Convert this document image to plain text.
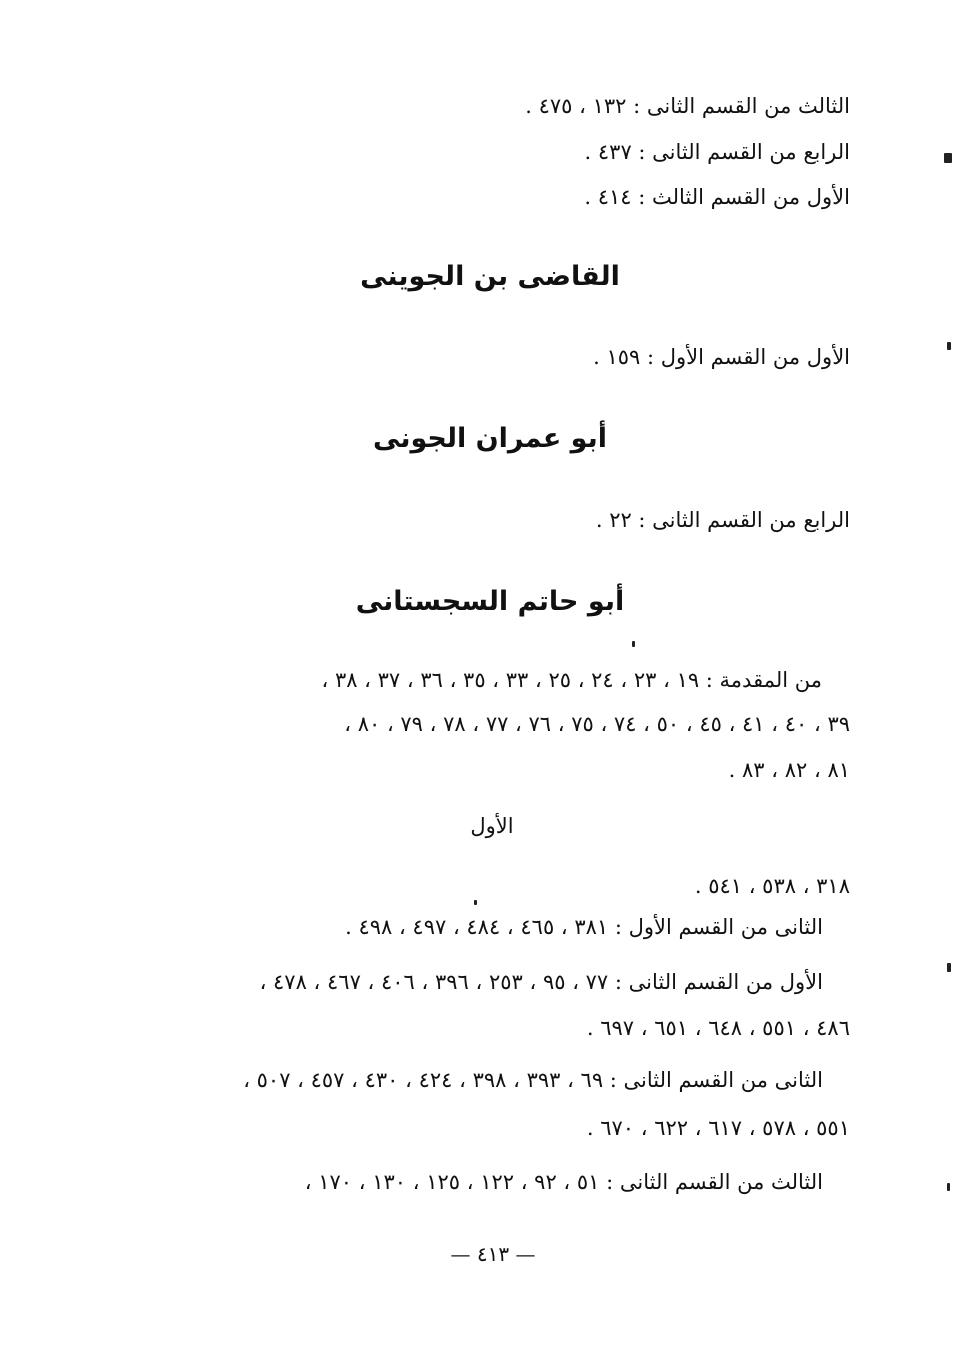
الثالث من القسم الثانى : ١٣٢ ، ٤٧٥ .
الرابع من القسم الثانى : ٤٣٧ .
الأول من القسم الثالث : ٤١٤ .
القاضى بن الجوينى
الأول من القسم الأول : ١٥٩ .
أبو عمران الجونى
الرابع من القسم الثانى : ٢٢ .
أبو حاتم السجستانى
من المقدمة : ١٩ ، ٢٣ ، ٢٤ ، ٢٥ ، ٣٣ ، ٣٥ ، ٣٦ ، ٣٧ ، ٣٨ ،
٣٩ ، ٤٠ ، ٤١ ، ٤٥ ، ٥٠ ، ٧٤ ، ٧٥ ، ٧٦ ، ٧٧ ، ٧٨ ، ٧٩ ، ٨٠ ،
٨١ ، ٨٢ ، ٨٣ .
الأول
٣١٨ ، ٥٣٨ ، ٥٤١ .
الثانى من القسم الأول : ٣٨١ ، ٤٦٥ ، ٤٨٤ ، ٤٩٧ ، ٤٩٨ .
الأول من القسم الثانى : ٧٧ ، ٩٥ ، ٢٥٣ ، ٣٩٦ ، ٤٠٦ ، ٤٦٧ ، ٤٧٨ ،
٤٨٦ ، ٥٥١ ، ٦٤٨ ، ٦٥١ ، ٦٩٧ .
الثانى من القسم الثانى : ٦٩ ، ٣٩٣ ، ٣٩٨ ، ٤٢٤ ، ٤٣٠ ، ٤٥٧ ، ٥٠٧ ،
٥٥١ ، ٥٧٨ ، ٦١٧ ، ٦٢٢ ، ٦٧٠ .
الثالث من القسم الثانى : ٥١ ، ٩٢ ، ١٢٢ ، ١٢٥ ، ١٣٠ ، ١٧٠ ،
— ٤١٣ —
